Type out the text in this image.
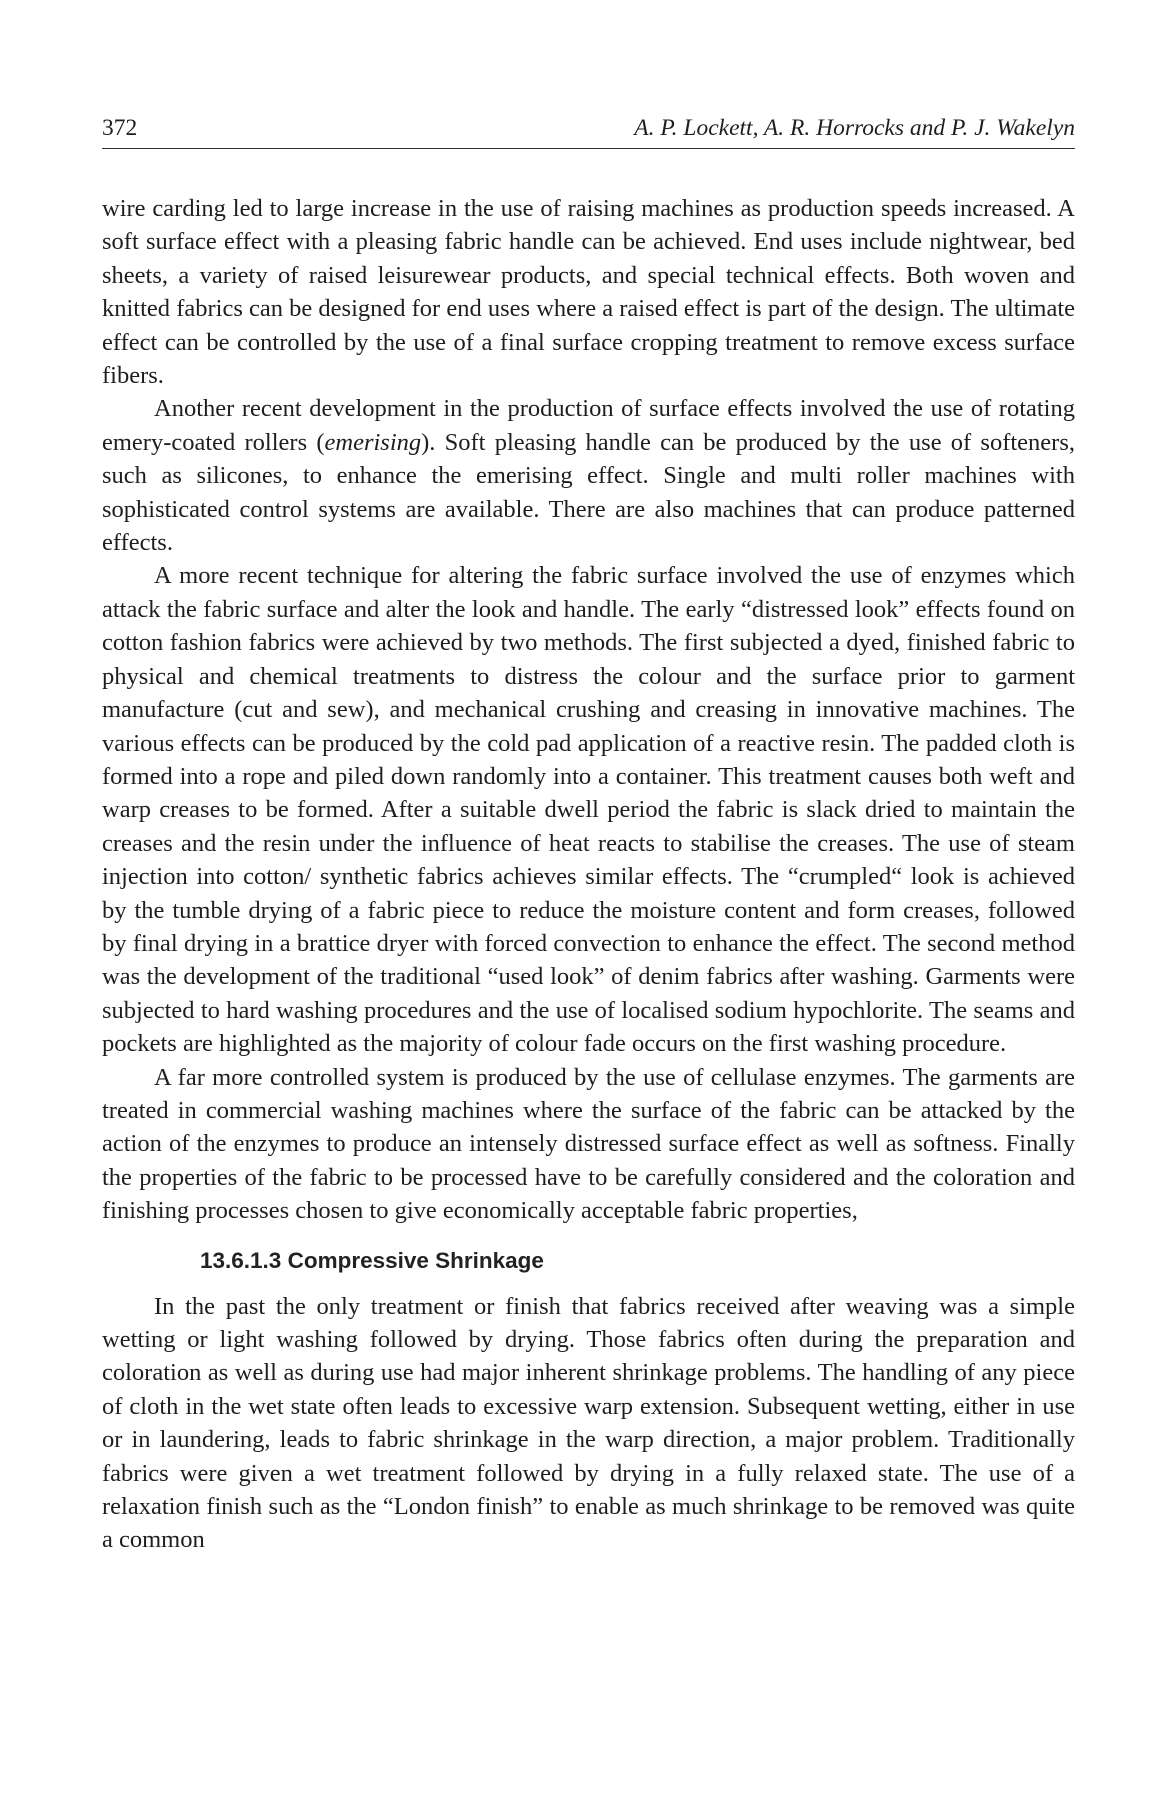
372	A. P. Lockett, A. R. Horrocks and P. J. Wakelyn

wire carding led to large increase in the use of raising machines as production speeds increased. A soft surface effect with a pleasing fabric handle can be achieved. End uses include nightwear, bed sheets, a variety of raised leisurewear products, and special technical effects. Both woven and knitted fabrics can be designed for end uses where a raised effect is part of the design. The ultimate effect can be controlled by the use of a final surface cropping treatment to remove excess surface fibers.

Another recent development in the production of surface effects involved the use of rotating emery-coated rollers (emerising). Soft pleasing handle can be produced by the use of softeners, such as silicones, to enhance the emerising effect. Single and multi roller machines with sophisticated control systems are available. There are also machines that can produce patterned effects.

A more recent technique for altering the fabric surface involved the use of enzymes which attack the fabric surface and alter the look and handle. The early “distressed look” effects found on cotton fashion fabrics were achieved by two methods. The first subjected a dyed, finished fabric to physical and chemical treatments to distress the colour and the surface prior to garment manufacture (cut and sew), and mechanical crushing and creasing in innovative machines. The various effects can be produced by the cold pad application of a reactive resin. The padded cloth is formed into a rope and piled down randomly into a container. This treatment causes both weft and warp creases to be formed. After a suitable dwell period the fabric is slack dried to maintain the creases and the resin under the influence of heat reacts to stabilise the creases. The use of steam injection into cotton/ synthetic fabrics achieves similar effects. The “crumpled“ look is achieved by the tumble drying of a fabric piece to reduce the moisture content and form creases, followed by final drying in a brattice dryer with forced convection to enhance the effect. The second method was the development of the traditional “used look” of denim fabrics after washing. Garments were subjected to hard washing procedures and the use of localised sodium hypochlorite. The seams and pockets are highlighted as the majority of colour fade occurs on the first washing procedure.

A far more controlled system is produced by the use of cellulase enzymes. The garments are treated in commercial washing machines where the surface of the fabric can be attacked by the action of the enzymes to produce an intensely distressed surface effect as well as softness. Finally the properties of the fabric to be processed have to be carefully considered and the coloration and finishing processes chosen to give economically acceptable fabric properties,

13.6.1.3 Compressive Shrinkage

In the past the only treatment or finish that fabrics received after weaving was a simple wetting or light washing followed by drying. Those fabrics often during the preparation and coloration as well as during use had major inherent shrinkage problems. The handling of any piece of cloth in the wet state often leads to excessive warp extension. Subsequent wetting, either in use or in laundering, leads to fabric shrinkage in the warp direction, a major problem. Traditionally fabrics were given a wet treatment followed by drying in a fully relaxed state. The use of a relaxation finish such as the “London finish” to enable as much shrinkage to be removed was quite a common
